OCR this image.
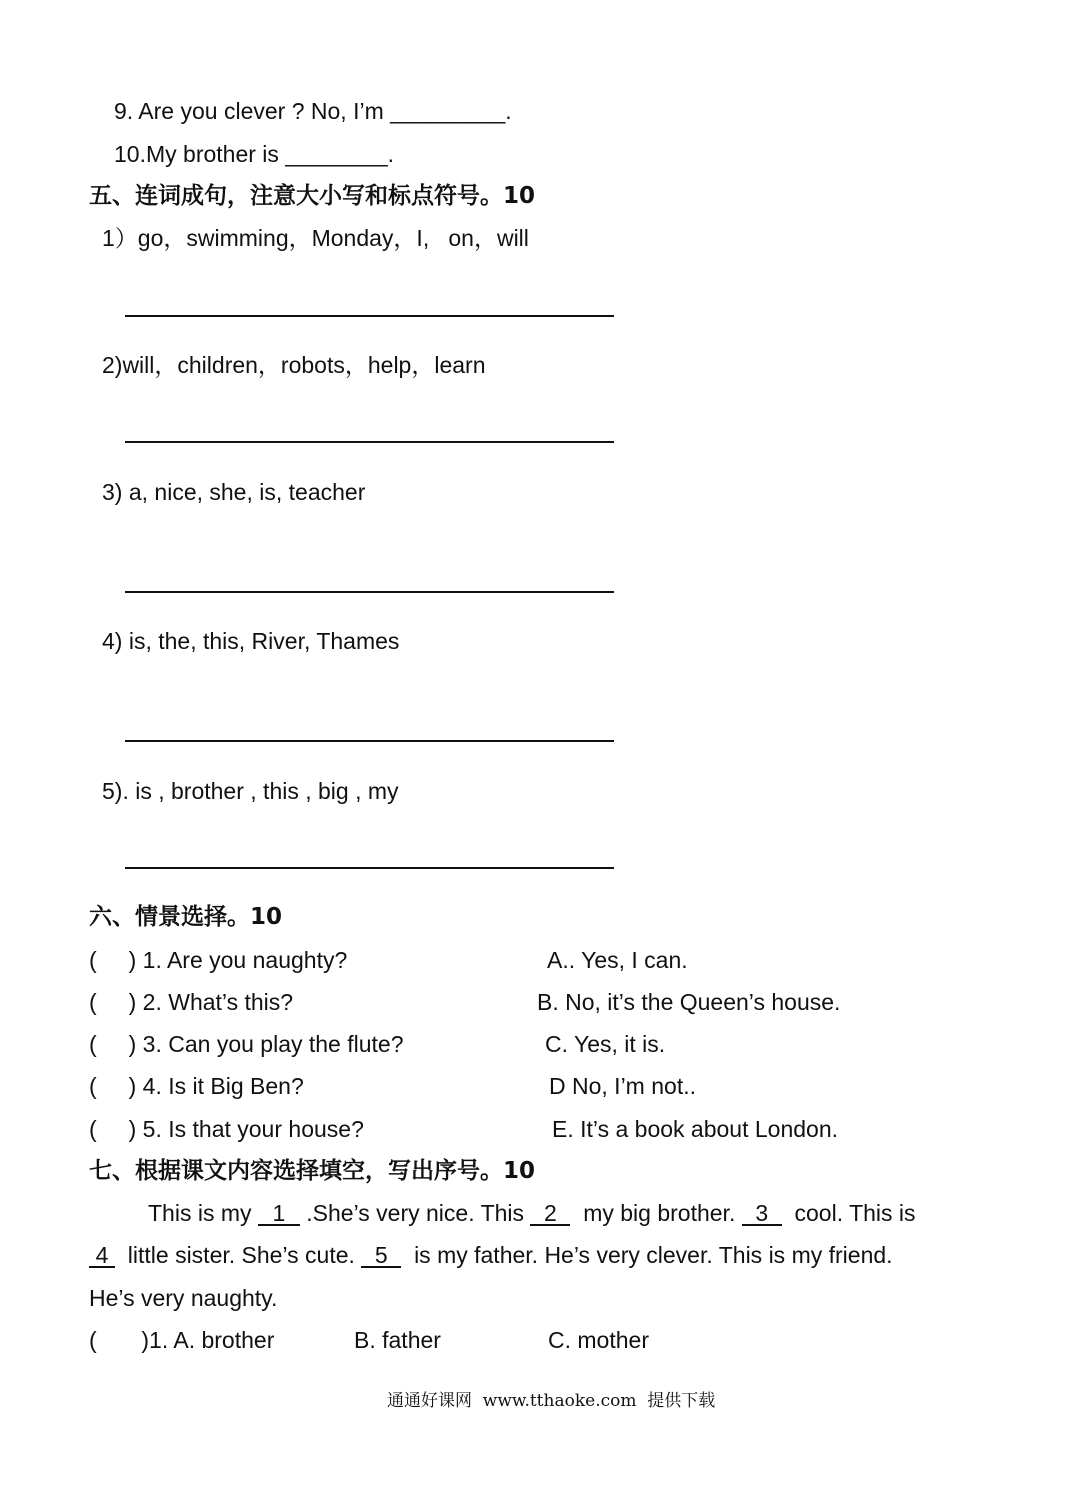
9. Are you clever ? No, I’m _________.
10.My brother is ________.
五、连词成句，注意大小写和标点符号。10
1）go，swimming，Monday，I,   on，will
2)will，children，robots，help，learn
3) a, nice, she, is, teacher
4) is, the, this, River, Thames
5). is , brother , this , big , my
六、情景选择。10
(     ) 1. Are you naughty?	A.. Yes, I can.
(     ) 2. What’s this?	B. No, it’s the Queen’s house.
(     ) 3. Can you play the flute?	C. Yes, it is.
(     ) 4. Is it Big Ben?	D No, I’m not..
(     ) 5. Is that your house?	E. It’s a book about London.
七、根据课文内容选择填空，写出序号。10
This is my 1 .She’s very nice. This 2  my big brother. 3  cool. This is
4  little sister. She’s cute. 5  is my father. He’s very clever. This is my friend.
He’s very naughty.
(       )1. A. brother	B. father	C. mother
通通好课网  www.tthaoke.com  提供下载
